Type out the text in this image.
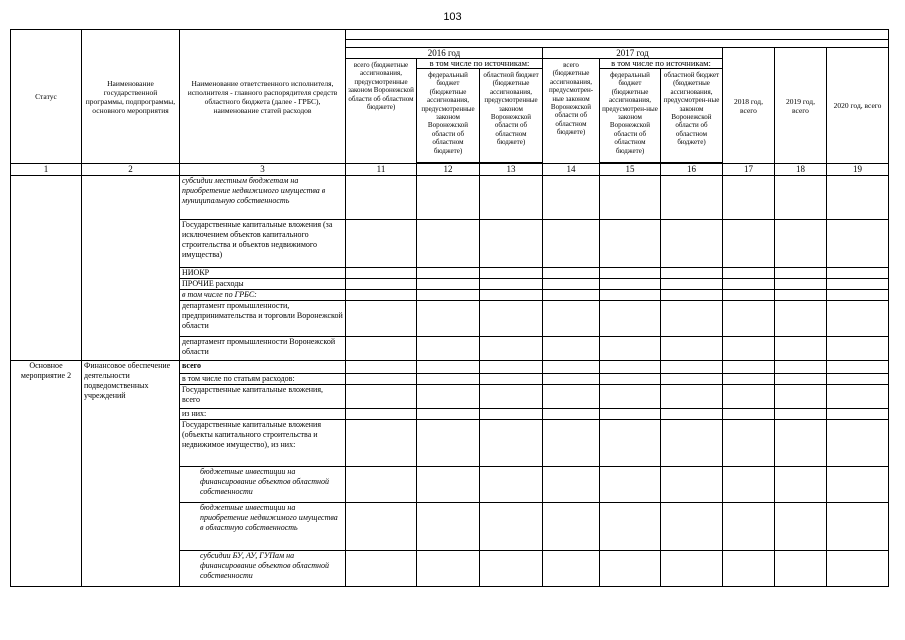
103
Статус	Наименование государственной программы, подпрограммы, основного мероприятия	Наименование ответственного исполнителя, исполнителя - главного распорядителя средств областного бюджета (далее - ГРБС), наименование статей расходов									

			2016 год			2017 год			2018 год, всего	2019 год, всего	2020 год, всего
			всего (бюджетные ассигнования, предусмотренные законом Воронежской области об областном бюджете)	в том числе по источникам:		всего (бюджетные ассигнования, предусмотрен-ные законом Воронежской области об областном бюджете)	в том числе по источникам:				
				федеральный бюджет (бюджетные ассигнования, предусмотренные законом Воронежской области об областном бюджете)	областной бюджет (бюджетные ассигнования, предусмотренные законом Воронежской области об областном бюджете)		федеральный бюджет (бюджетные ассигнования, предусмотрен-ные законом Воронежской области об областном бюджете)	областной бюджет (бюджетные ассигнования, предусмотрен-ные законом Воронежской области об областном бюджете)			

1	2	3	11	12	13	14	15	16	17	18	19
		субсидии местным бюджетам на приобретение недвижимого имущества в муниципальную собственность									
		Государственные капитальные вложения (за исключением объектов капитального строительства и объектов недвижимого имущества)									
		НИОКР									
		ПРОЧИЕ расходы									
		в том числе по ГРБС:									
		департамент промышленности, предпринимательства и торговли Воронежской области									
		департамент промышленности Воронежской области									
Основное мероприятие 2	Финансовое обеспечение деятельности подведомственных учреждений	всего									
		в том числе по статьям расходов:									
		Государственные капитальные вложения, всего									
		из них:									
		Государственные капитальные вложения (объекты капитального строительства и недвижимое имущество), из них:									
		бюджетные инвестиции на финансирование объектов областной собственности									
		бюджетные инвестиции на приобретение недвижимого имущества в областную собственность									
		субсидии БУ, АУ, ГУПам на финансирование объектов областной собственности									
